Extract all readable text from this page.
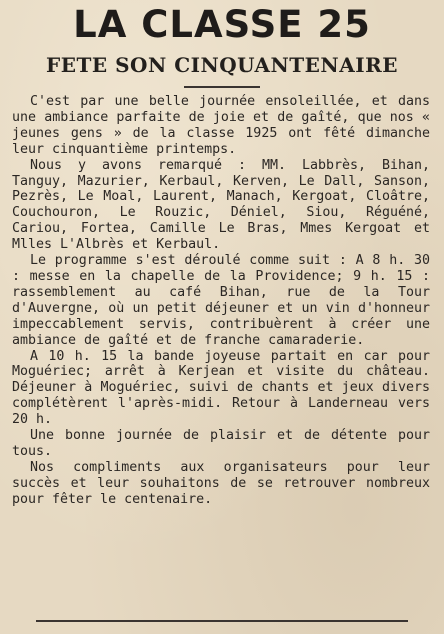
LA CLASSE 25
FETE SON CINQUANTENAIRE

C'est par une belle journée ensoleillée, et dans une ambiance parfaite de joie et de gaîté, que nos « jeunes gens » de la classe 1925 ont fêté dimanche leur cinquantième printemps.

Nous y avons remarqué : MM. Labbrès, Bihan, Tanguy, Mazurier, Kerbaul, Kerven, Le Dall, Sanson, Pezrès, Le Moal, Laurent, Manach, Kergoat, Cloâtre, Couchouron, Le Rouzic, Déniel, Siou, Réguéné, Cariou, Fortea, Camille Le Bras, Mmes Kergoat et Mlles L'Albrès et Kerbaul.

Le programme s'est déroulé comme suit : A 8 h. 30 : messe en la chapelle de la Providence; 9 h. 15 : rassemblement au café Bihan, rue de la Tour d'Auvergne, où un petit déjeuner et un vin d'honneur impeccablement servis, contribuèrent à créer une ambiance de gaîté et de franche camaraderie.

A 10 h. 15 la bande joyeuse partait en car pour Moguériec; arrêt à Kerjean et visite du château. Déjeuner à Moguériec, suivi de chants et jeux divers complétèrent l'après-midi. Retour à Landerneau vers 20 h.

Une bonne journée de plaisir et de détente pour tous.

Nos compliments aux organisateurs pour leur succès et leur souhaitons de se retrouver nombreux pour fêter le centenaire.
